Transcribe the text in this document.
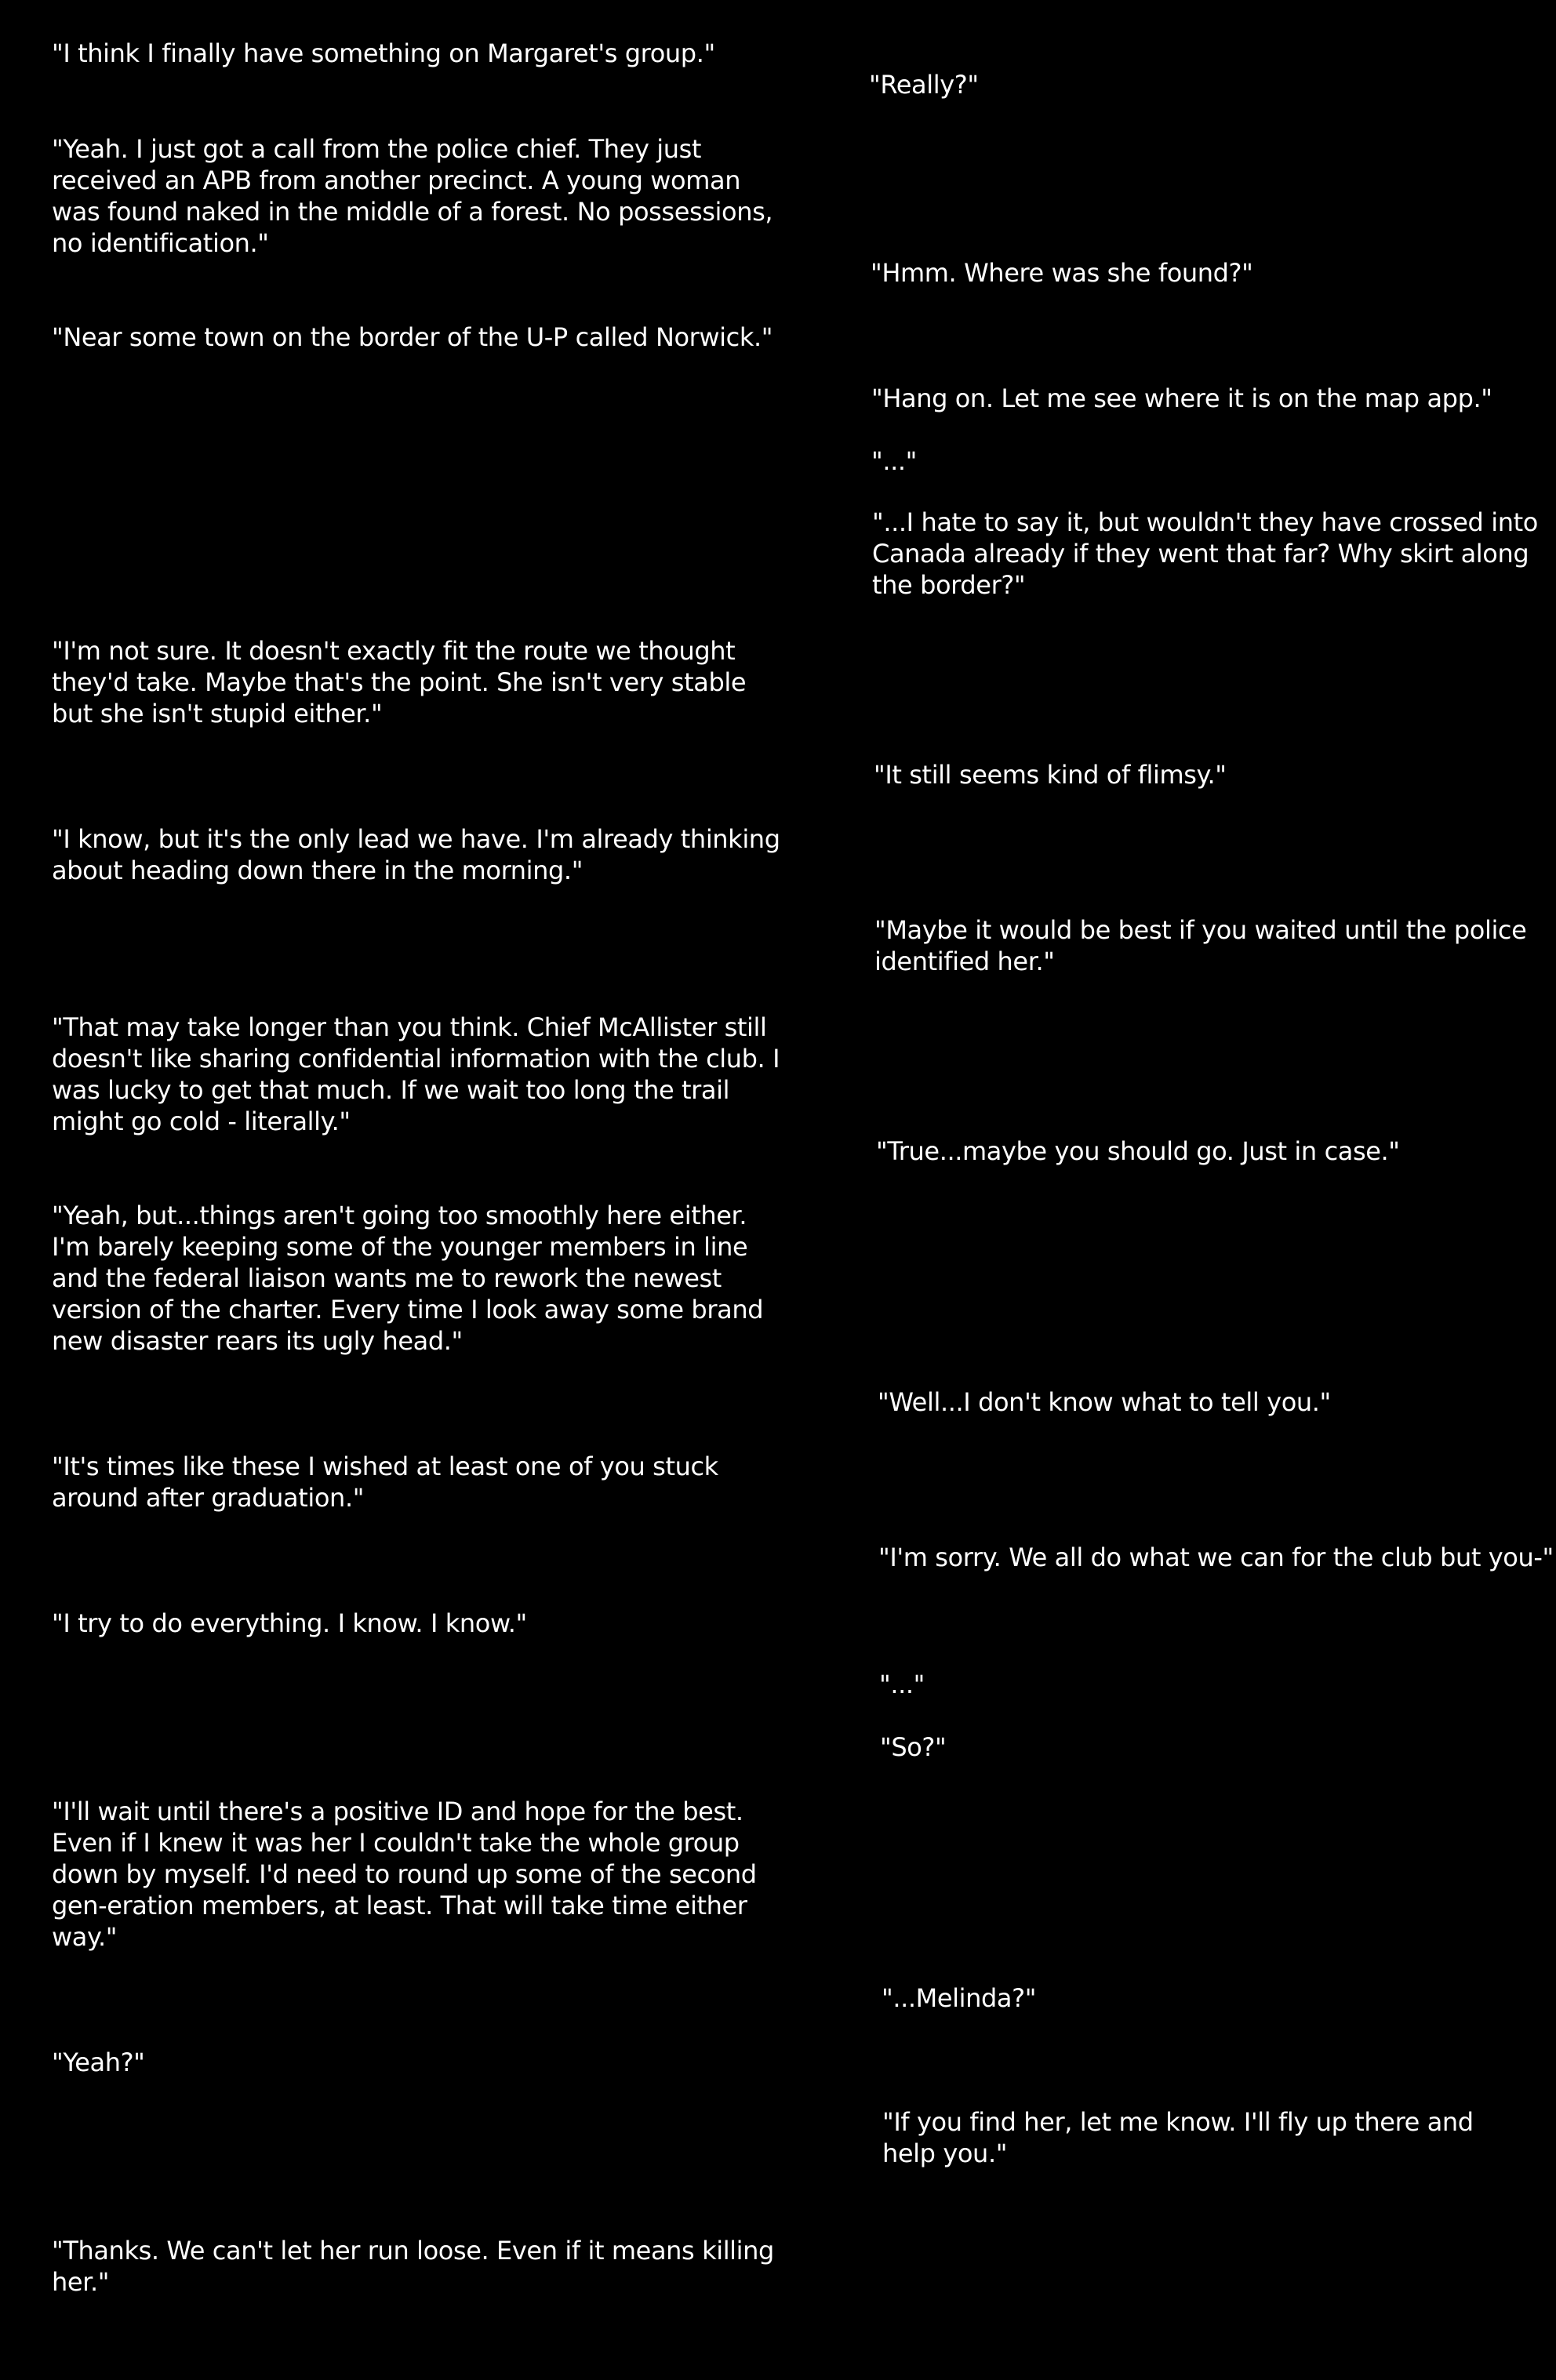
"I think I finally have something on Margaret's group."
"Yeah. I just got a call from the police chief. They just received an APB from another precinct. A young woman was found naked in the middle of a forest. No possessions, no identification."
"Near some town on the border of the U-P called Norwick."
"I'm not sure. It doesn't exactly fit the route we thought they'd take. Maybe that's the point. She isn't very stable but she isn't stupid either."
"I know, but it's the only lead we have. I'm already thinking about heading down there in the morning."
"That may take longer than you think. Chief McAllister still doesn't like sharing confidential information with the club. I was lucky to get that much. If we wait too long the trail might go cold - literally."
"Yeah, but...things aren't going too smoothly here either. I'm barely keeping some of the younger members in line and the federal liaison wants me to rework the newest version of the charter. Every time I look away some brand new disaster rears its ugly head."
"It's times like these I wished at least one of you stuck around after graduation."
"I try to do everything. I know. I know."
"I'll wait until there's a positive ID and hope for the best. Even if I knew it was her I couldn't take the whole group down by myself. I'd need to round up some of the second gen-eration members, at least. That will take time either way."
"Yeah?"
"Thanks. We can't let her run loose. Even if it means killing her."
"Really?"
"Hmm. Where was she found?"
"Hang on. Let me see where it is on the map app."
"..."
"...I hate to say it, but wouldn't they have crossed into Canada already if they went that far? Why skirt along the border?"
"It still seems kind of flimsy."
"Maybe it would be best if you waited until the police identified her."
"True...maybe you should go. Just in case."
"Well...I don't know what to tell you."
"I'm sorry. We all do what we can for the club but you-"
"..."
"So?"
"...Melinda?"
"If you find her, let me know. I'll fly up there and help you."
